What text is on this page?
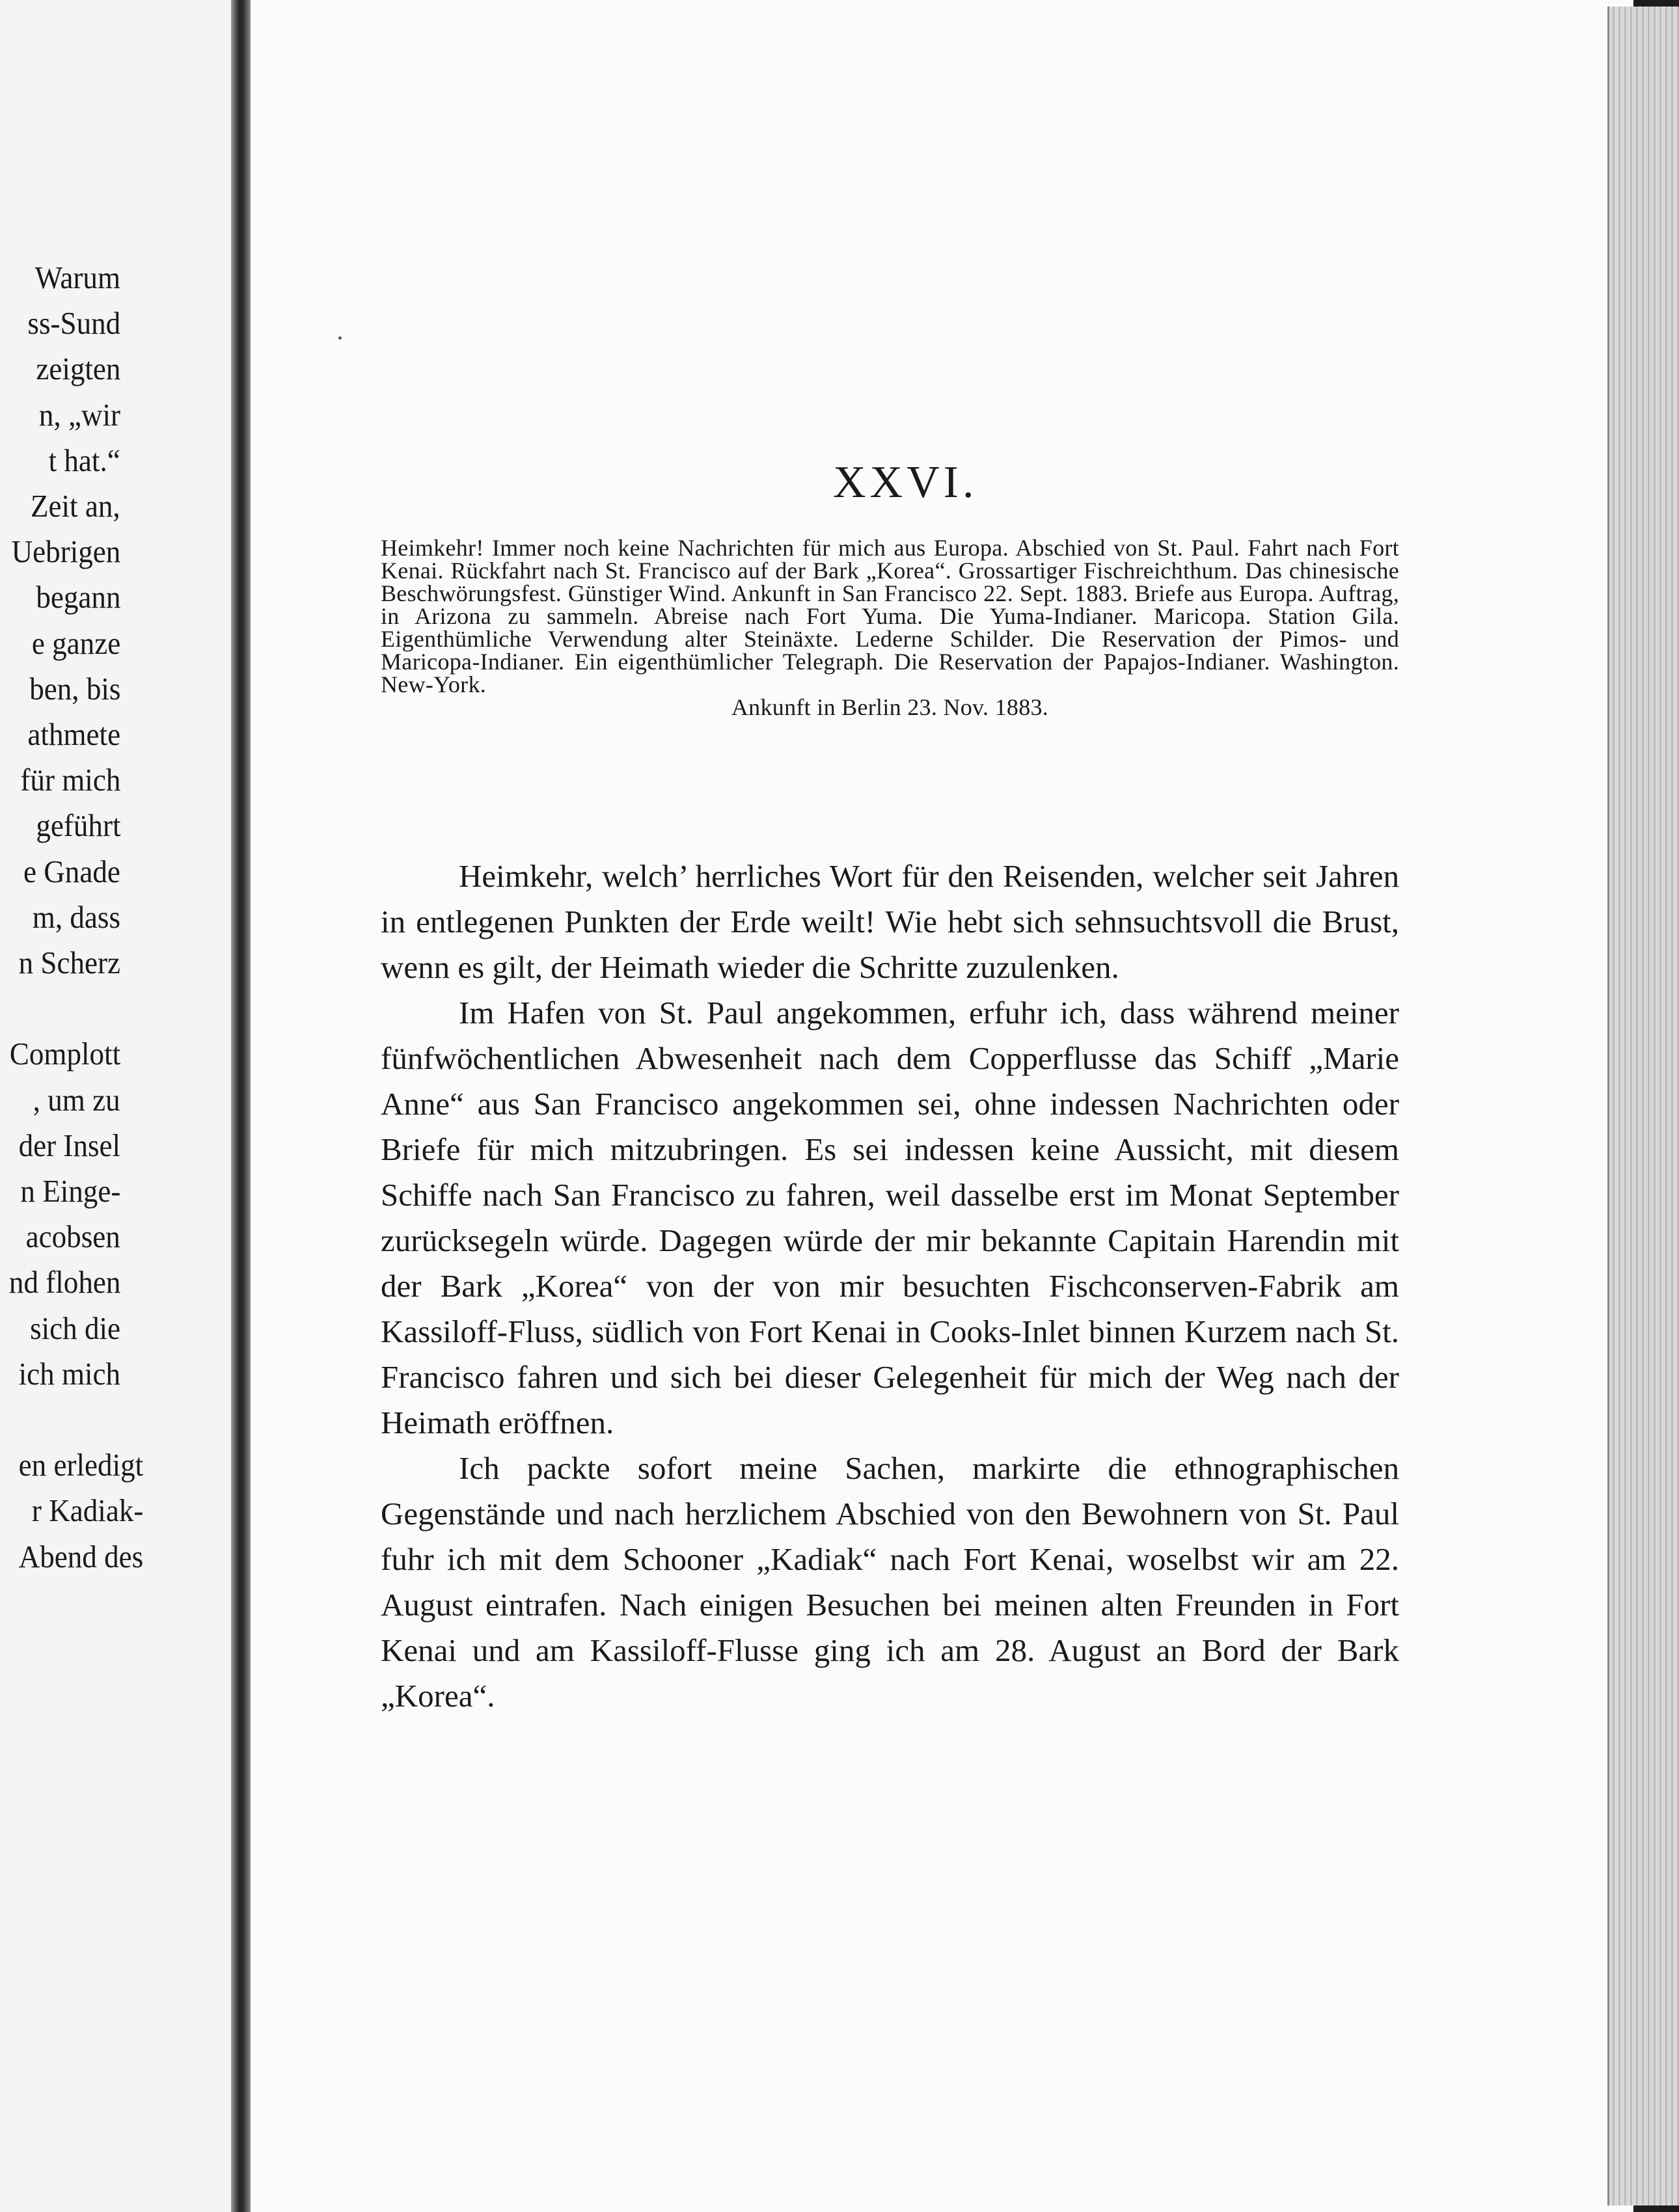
Warum
ss-Sund
zeigten
n, „wir
t hat.“
Zeit an,
Uebrigen
begann
e ganze
ben, bis
athmete
für mich
geführt
e Gnade
m, dass
n Scherz
Complott
, um zu
der Insel
n Einge-
acobsen
nd flohen
sich die
ich mich
en erledigt
r Kadiak-
Abend des
XXVI.
Heimkehr! Immer noch keine Nachrichten für mich aus Europa. Abschied von St. Paul. Fahrt nach Fort Kenai. Rückfahrt nach St. Francisco auf der Bark „Korea“. Grossartiger Fischreichthum. Das chinesische Beschwörungsfest. Günstiger Wind. Ankunft in San Francisco 22. Sept. 1883. Briefe aus Europa. Auftrag, in Arizona zu sammeln. Abreise nach Fort Yuma. Die Yuma-Indianer. Maricopa. Station Gila. Eigenthümliche Verwendung alter Steinäxte. Lederne Schilder. Die Reservation der Pimos- und Maricopa-Indianer. Ein eigenthümlicher Telegraph. Die Reservation der Papajos-Indianer. Washington. New-York.
Ankunft in Berlin 23. Nov. 1883.

Heimkehr, welch’ herrliches Wort für den Reisenden, welcher seit Jahren in entlegenen Punkten der Erde weilt! Wie hebt sich sehnsuchtsvoll die Brust, wenn es gilt, der Heimath wieder die Schritte zuzulenken.

Im Hafen von St. Paul angekommen, erfuhr ich, dass während meiner fünfwöchentlichen Abwesenheit nach dem Copperflusse das Schiff „Marie Anne“ aus San Francisco angekommen sei, ohne indessen Nachrichten oder Briefe für mich mitzubringen. Es sei indessen keine Aussicht, mit diesem Schiffe nach San Francisco zu fahren, weil dasselbe erst im Monat September zurücksegeln würde. Dagegen würde der mir bekannte Capitain Harendin mit der Bark „Korea“ von der von mir besuchten Fischconserven-Fabrik am Kassiloff-Fluss, südlich von Fort Kenai in Cooks-Inlet binnen Kurzem nach St. Francisco fahren und sich bei dieser Gelegenheit für mich der Weg nach der Heimath eröffnen.

Ich packte sofort meine Sachen, markirte die ethnographischen Gegenstände und nach herzlichem Abschied von den Bewohnern von St. Paul fuhr ich mit dem Schooner „Kadiak“ nach Fort Kenai, woselbst wir am 22. August eintrafen. Nach einigen Besuchen bei meinen alten Freunden in Fort Kenai und am Kassiloff-Flusse ging ich am 28. August an Bord der Bark „Korea“.
